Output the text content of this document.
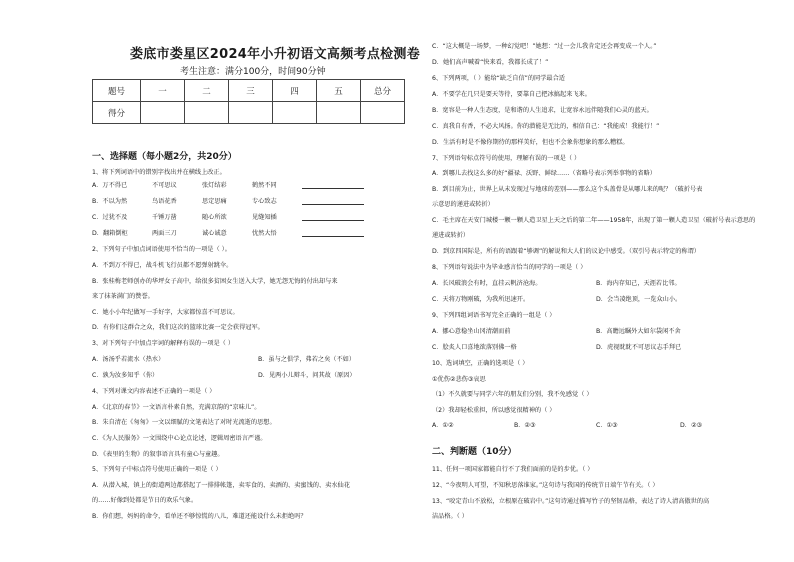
娄底市娄星区2024年小升初语文高频考点检测卷
考生注意：满分100分，时间90分钟
题号	一	二	三	四	五	总分
得分						
一、选择题（每小题2分，共20分）
1、将下列词语中的错别字找出并在横线上改正。
A．万不得已	不可思议	张灯结彩	鹤然不同
B．不以为然	鸟语花香	思定思痛	专心致志
C．过犹不及	千锤万凿	随心所欲	见缝知插
D．翻箱倒柜	两面三刀	诚心诚意	忧然大悟
2、下列句子中加点词语使用不恰当的一项是（ ）。
A．不到万不得已，战斗机飞行员都不愿弹射跳伞。
B．张桂梅老师创办的华坪女子高中，给很多贫困女生送入大学，她无怨无悔的付出却与来
来了抹茶满门的赞誉。
C．她小小年纪做写一手好字，大家都惊喜不可思议。
D．有你们这群合之众，我们这次的篮球比赛一定会获得冠军。
3、对下列句子中加点字词的解释有误的一项是（ ）
A．汤汤乎若流水（热水）	B．虽与之俱学，弗若之矣（不如）
C．孰为汝多知乎（你）	D．见两小儿辩斗，问其故（原因）
4、下列对课文内容表述不正确的一项是（ ）
A．《北京的春节》一文语言朴素自然，充满京韵的“京味儿”。
B．朱自清在《匆匆》一文以细腻的文笔表达了对时光流逝的思想。
C．《为人民服务》一文围绕中心论点论述，逻辑周密语言严谨。
D．《表里的生物》的叙事语言具有童心与童趣。
5、下列句子中标点符号使用正确的一项是（ ）
A．从潜入城，镇上的街道两边都搭起了一排排帐篷，卖零食的、卖酒的、卖蜜饯的、卖水仙花
的……好像到处都是节日的欢乐气象。
B．你们想，妈妈的命令，看单还不够惊慌的八儿，难道还能设什么未拒绝吗？
C．“这大概是一场梦，一种幻觉吧！”她想：“过一会儿我肯定还会再变成一个人。”
D．她们高声喊着“快来看，我都长成了！”
6、下列两项，（ ）能给“缺乏自信”的同学最合适
A．不要学在几只是要天等待，要靠自己把冰搞起来飞来。
B．宽容是一种人生态度，是和谐的人生追求，让宽容永远伴随我们心灵的蓝天。
C．真我自有香，不必大风扬。你的潜能是无比的，相信自己：“我能成！我能行！”
D．生活有时是不像你期待的那样美好，但也不会象你想象的那么糟糕。
7、下列语句标点符号的使用，理解有误的一项是（ ）
A．到哪儿去找这么多的好“疆禄、沃野、鲜绿……（省略号表示列举事物的省略）
B．到目前为止，世界上从未发现过与地球的差别——那么这个头盖骨是从哪儿来的呢？（破折号表
示意思的递进或转折）
C．毛主席在天安门城楼一颗一颗人造卫星上天之后的第二年——1958年，出现了第一颗人造卫星（破折号表示意思的
递进或转折）
D．到京四国际是，所有的语跟着“够调”的解说和大人们的议论中感受。（双引号表示特定的称谓）
8、下列语句说法中为毕业感言恰当的同学的一项是（ ）
A．长风破浪会有时，直挂云帆济沧海。	B．海内存知己，天涯若比邻。
C．天将万物刚破，为我所迅速开。	D．会当凌绝顶，一览众山小。
9、下列四组词语书写完全正确的一组是（ ）
A．挪心意稳坐山冈清潮而前	B．高瞻远瞩外大如尔袋闲不舍
C．脍炙人口喜地欲落别佛一格	D．虎视眈眈不可思议志手拜已
10、选词填空，正确的选项是（ ）
①优伤②悲伤③哀思
（1）不久就要与同学六年的朋友们分别，我不免感觉（ ）
（2）我却轻松重担，所以感觉很精神的（ ）
A．①②	B．②③	C．①③	D．②③
二、判断题（10分）
11、任何一项国家都能自行不了我们面前的是的步优。（ ）
12、“今夜明人可望，不知秋思落谁家。”这句诗与我国的传统节日端午节有关。（ ）
13、“咬定青山不放松，立根原在破岩中。”这句诗通过描写竹子的坚韧品格，表达了诗人清高傲世的高
洁品格。（ ）
